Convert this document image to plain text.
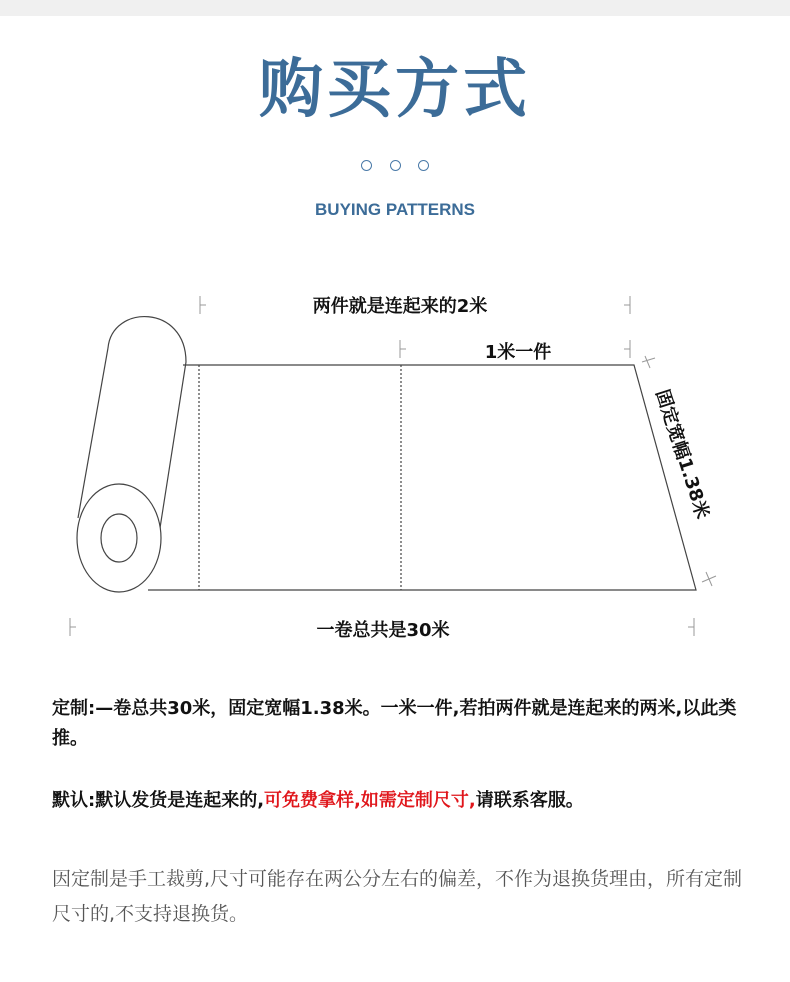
购买方式

BUYING PATTERNS
两件就是连起来的2米
1米一件
固定宽幅1.38米
一卷总共是30米

定制:—卷总共30米，固定宽幅1.38米。一米一件,若拍两件就是连起来的两米,以此类推。

默认:默认发货是连起来的,可免费拿样,如需定制尺寸,请联系客服。

因定制是手工裁剪,尺寸可能存在两公分左右的偏差，不作为退换货理由，所有定制尺寸的,不支持退换货。
